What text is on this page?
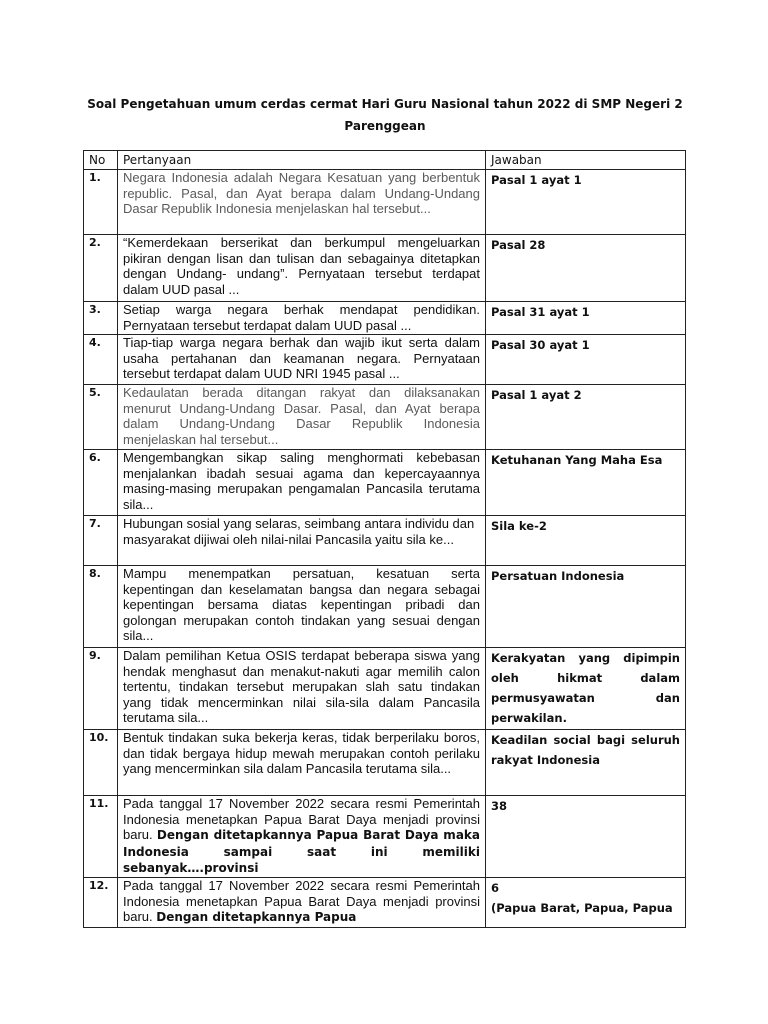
Soal Pengetahuan umum cerdas cermat Hari Guru Nasional tahun 2022 di SMP Negeri 2
Parenggean
No	Pertanyaan	Jawaban
1.	Negara Indonesia adalah Negara Kesatuan yang berbentuk republic. Pasal, dan Ayat berapa dalam Undang-Undang Dasar Republik Indonesia menjelaskan hal tersebut...	Pasal 1 ayat 1
2.	“Kemerdekaan berserikat dan berkumpul mengeluarkan pikiran dengan lisan dan tulisan dan sebagainya ditetapkan dengan Undang- undang”. Pernyataan tersebut terdapat dalam UUD pasal ...	Pasal 28
3.	Setiap warga negara berhak mendapat pendidikan. Pernyataan tersebut terdapat dalam UUD pasal ...	Pasal 31 ayat 1
4.	Tiap-tiap warga negara berhak dan wajib ikut serta dalam usaha pertahanan dan keamanan negara. Pernyataan tersebut terdapat dalam UUD NRI 1945 pasal ...	Pasal 30 ayat 1
5.	Kedaulatan berada ditangan rakyat dan dilaksanakan menurut Undang-Undang Dasar. Pasal, dan Ayat berapa dalam Undang-Undang Dasar Republik Indonesia menjelaskan hal tersebut...	Pasal 1 ayat 2
6.	Mengembangkan sikap saling menghormati kebebasan menjalankan ibadah sesuai agama dan kepercayaannya masing-masing merupakan pengamalan Pancasila terutama sila...	Ketuhanan Yang Maha Esa
7.	Hubungan sosial yang selaras, seimbang antara individu dan
masyarakat dijiwai oleh nilai-nilai Pancasila yaitu sila ke...	Sila ke-2
8.	Mampu menempatkan persatuan, kesatuan serta kepentingan dan keselamatan bangsa dan negara sebagai kepentingan bersama diatas kepentingan pribadi dan golongan merupakan contoh tindakan yang sesuai dengan sila...	Persatuan Indonesia
9.	Dalam pemilihan Ketua OSIS terdapat beberapa siswa yang hendak menghasut dan menakut-nakuti agar memilih calon tertentu, tindakan tersebut merupakan slah satu tindakan yang tidak mencerminkan nilai sila-sila dalam Pancasila terutama sila...	Kerakyatan yang dipimpin oleh hikmat dalam permusyawatan dan perwakilan.
10.	Bentuk tindakan suka bekerja keras, tidak berperilaku boros, dan tidak bergaya hidup mewah merupakan contoh perilaku yang mencerminkan sila dalam Pancasila terutama sila...	Keadilan social bagi seluruh rakyat Indonesia
11.	Pada tanggal 17 November 2022 secara resmi Pemerintah Indonesia menetapkan Papua Barat Daya menjadi provinsi baru. Dengan ditetapkannya Papua Barat Daya maka Indonesia sampai saat ini memiliki sebanyak….provinsi	38
12.	Pada tanggal 17 November 2022 secara resmi Pemerintah Indonesia menetapkan Papua Barat Daya menjadi provinsi baru. Dengan ditetapkannya Papua	6
(Papua Barat, Papua, Papua
